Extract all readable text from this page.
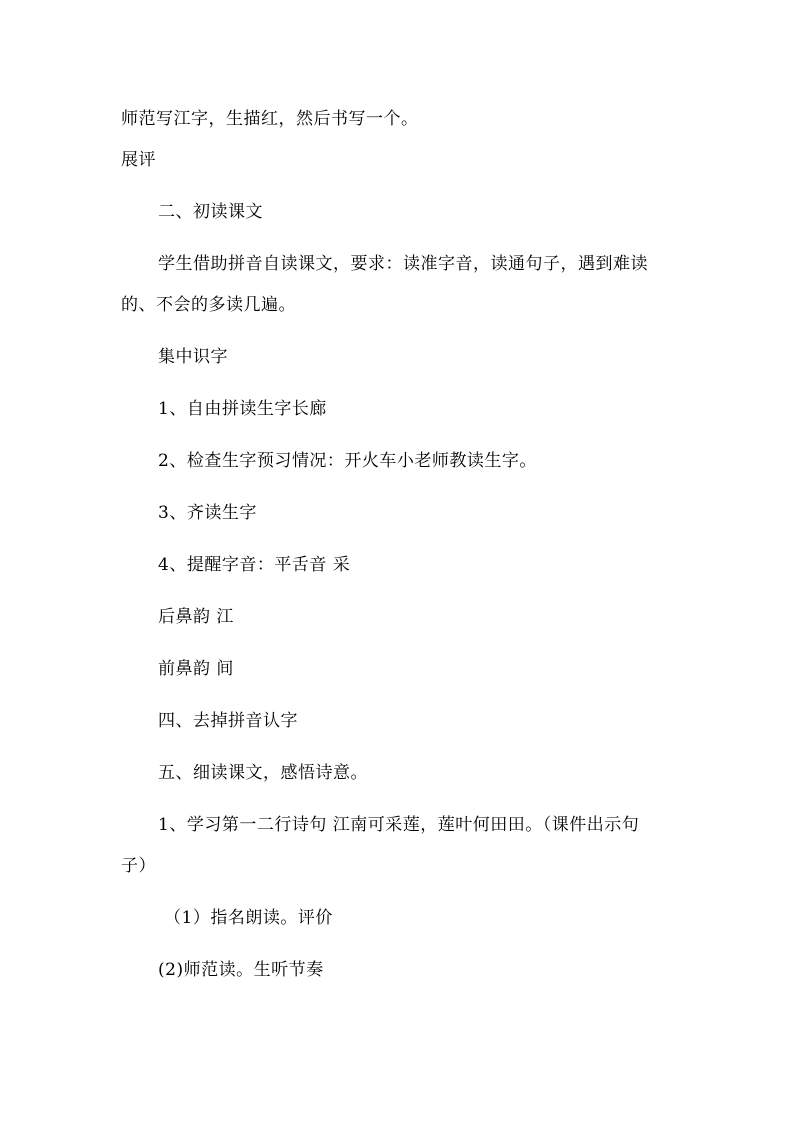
师范写江字，生描红，然后书写一个。
展评
二、初读课文
学生借助拼音自读课文，要求：读准字音，读通句子，遇到难读
的、不会的多读几遍。
集中识字
1、自由拼读生字长廊
2、检查生字预习情况：开火车小老师教读生字。
3、齐读生字
4、提醒字音：平舌音 采
后鼻韵 江
前鼻韵 间
四、去掉拼音认字
五、细读课文，感悟诗意。
1、学习第一二行诗句 江南可采莲，莲叶何田田。（课件出示句
子）
（1）指名朗读。评价
(2)师范读。生听节奏
